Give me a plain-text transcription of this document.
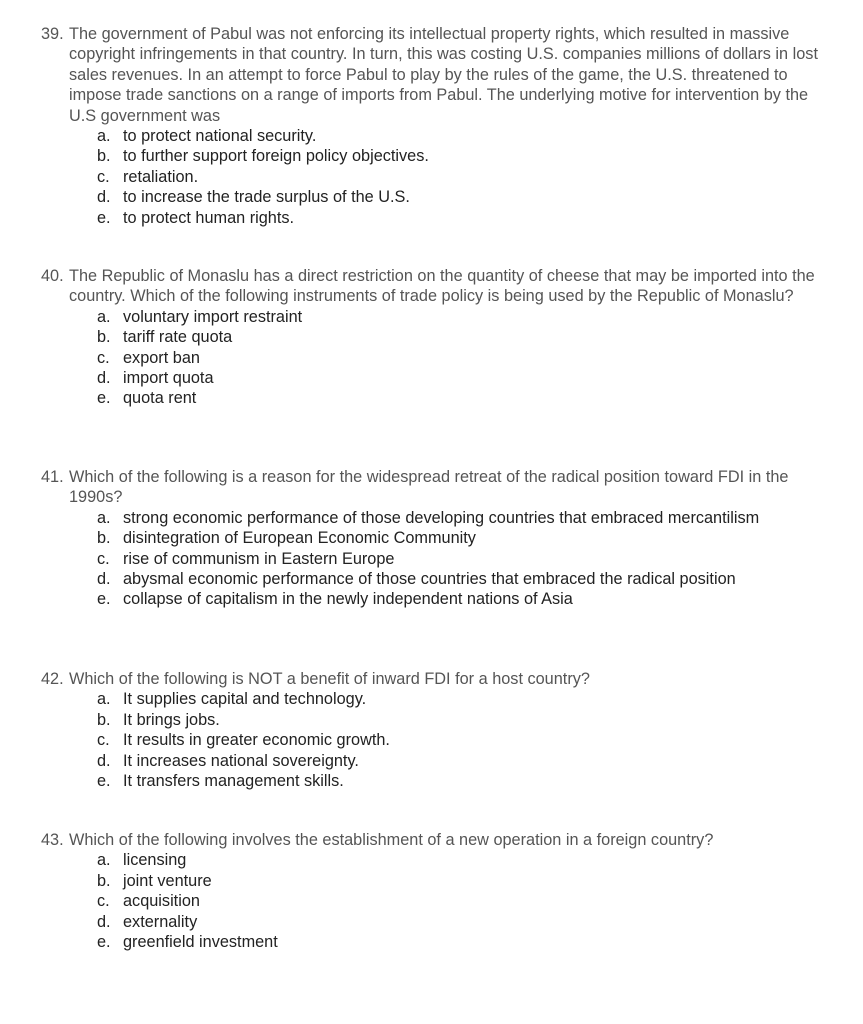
39. The government of Pabul was not enforcing its intellectual property rights, which resulted in massive copyright infringements in that country. In turn, this was costing U.S. companies millions of dollars in lost sales revenues. In an attempt to force Pabul to play by the rules of the game, the U.S. threatened to impose trade sanctions on a range of imports from Pabul. The underlying motive for intervention by the U.S government was
a. to protect national security.
b. to further support foreign policy objectives.
c. retaliation.
d. to increase the trade surplus of the U.S.
e. to protect human rights.
40. The Republic of Monaslu has a direct restriction on the quantity of cheese that may be imported into the country. Which of the following instruments of trade policy is being used by the Republic of Monaslu?
a. voluntary import restraint
b. tariff rate quota
c. export ban
d. import quota
e. quota rent
41. Which of the following is a reason for the widespread retreat of the radical position toward FDI in the 1990s?
a. strong economic performance of those developing countries that embraced mercantilism
b. disintegration of European Economic Community
c. rise of communism in Eastern Europe
d. abysmal economic performance of those countries that embraced the radical position
e. collapse of capitalism in the newly independent nations of Asia
42. Which of the following is NOT a benefit of inward FDI for a host country?
a. It supplies capital and technology.
b. It brings jobs.
c. It results in greater economic growth.
d. It increases national sovereignty.
e. It transfers management skills.
43. Which of the following involves the establishment of a new operation in a foreign country?
a. licensing
b. joint venture
c. acquisition
d. externality
e. greenfield investment
